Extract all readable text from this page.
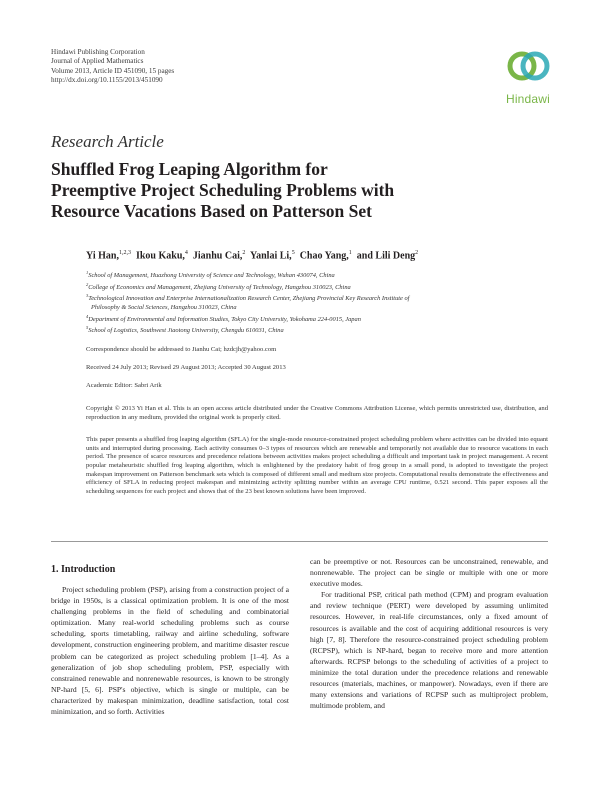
Hindawi Publishing Corporation
Journal of Applied Mathematics
Volume 2013, Article ID 451090, 15 pages
http://dx.doi.org/10.1155/2013/451090
Hindawi
Research Article
Shuffled Frog Leaping Algorithm for
Preemptive Project Scheduling Problems with
Resource Vacations Based on Patterson Set
Yi Han,$^{1,2,3}$ Ikou Kaku,$^4$ Jianhu Cai,$^2$ Yanlai Li,$^5$ Chao Yang,$^1$ and Lili Deng$^2$
$^1$School of Management, Huazhong University of Science and Technology, Wuhan 430074, China
$^2$College of Economics and Management, Zhejiang University of Technology, Hangzhou 310023, China
$^3$Technological Innovation and Enterprise Internationalization Research Center, Zhejiang Provincial Key Research Institute of
Philosophy & Social Sciences, Hangzhou 310023, China
$^4$Department of Environmental and Information Studies, Tokyo City University, Yokohama 224-0015, Japan
$^5$School of Logistics, Southwest Jiaotong University, Chengdu 610031, China
Correspondence should be addressed to Jianhu Cai; hzdcjh@yahoo.com
Received 24 July 2013; Revised 29 August 2013; Accepted 30 August 2013
Academic Editor: Sabri Arik
Copyright © 2013 Yi Han et al. This is an open access article distributed under the Creative Commons Attribution License, which permits unrestricted use, distribution, and reproduction in any medium, provided the original work is properly cited.
This paper presents a shuffled frog leaping algorithm (SFLA) for the single-mode resource-constrained project scheduling problem where activities can be divided into equant units and interrupted during processing. Each activity consumes 0–3 types of resources which are renewable and temporarily not available due to resource vacations in each period. The presence of scarce resources and precedence relations between activities makes project scheduling a difficult and important task in project management. A recent popular metaheuristic shuffled frog leaping algorithm, which is enlightened by the predatory habit of frog group in a small pond, is adopted to investigate the project makespan improvement on Patterson benchmark sets which is composed of different small and medium size projects. Computational results demonstrate the effectiveness and efficiency of SFLA in reducing project makespan and minimizing activity splitting number within an average CPU runtime, 0.521 second. This paper exposes all the scheduling sequences for each project and shows that of the 23 best known solutions have been improved.
1. Introduction

Project scheduling problem (PSP), arising from a construction project of a bridge in 1950s, is a classical optimization problem. It is one of the most challenging problems in the field of scheduling and combinatorial optimization. Many real-world scheduling problems such as course scheduling, sports timetabling, railway and airline scheduling, software development, construction engineering problem, and maritime disaster rescue problem can be categorized as project scheduling problem [1–4]. As a generalization of job shop scheduling problem, PSP, especially with constrained renewable and nonrenewable resources, is known to be strongly NP-hard [5, 6]. PSP's objective, which is single or multiple, can be characterized by makespan minimization, deadline satisfaction, total cost minimization, and so forth. Activities

can be preemptive or not. Resources can be unconstrained, renewable, and nonrenewable. The project can be single or multiple with one or more executive modes.

For traditional PSP, critical path method (CPM) and program evaluation and review technique (PERT) were developed by assuming unlimited resources. However, in real-life circumstances, only a fixed amount of resources is available and the cost of acquiring additional resources is very high [7, 8]. Therefore the resource-constrained project scheduling problem (RCPSP), which is NP-hard, began to receive more and more attention afterwards. RCPSP belongs to the scheduling of activities of a project to minimize the total duration under the precedence relations and renewable resources (materials, machines, or manpower). Nowadays, even if there are many extensions and variations of RCPSP such as multiproject problem, multimode problem, and
